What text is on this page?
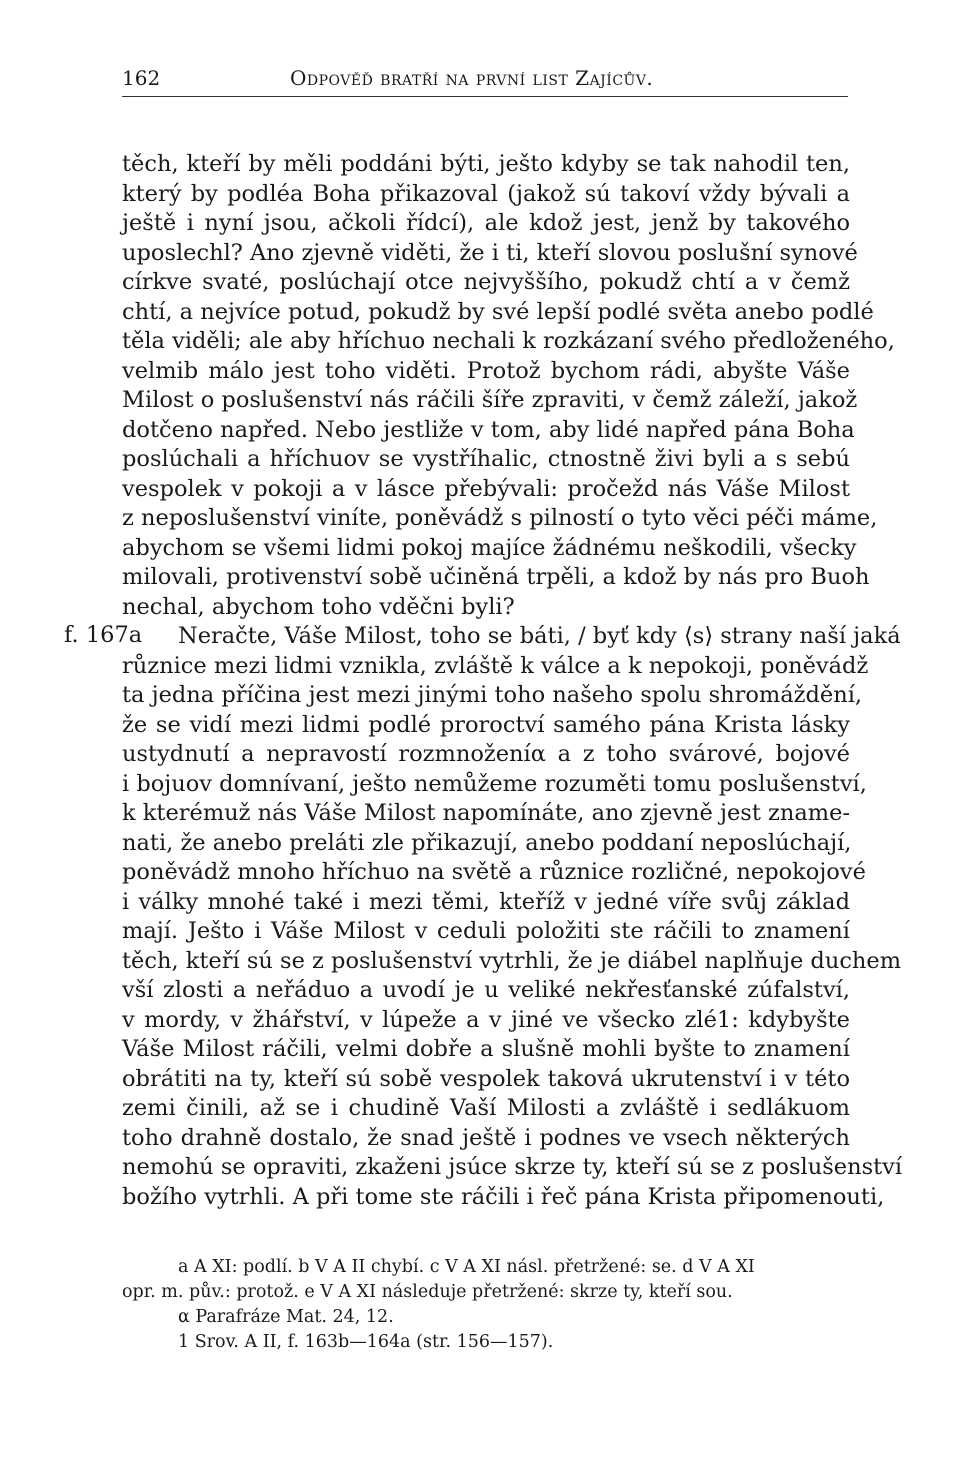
162	Odpověď bratří na první list Zajícův.
f. 167a
těch, kteří by měli poddáni býti, ješto kdyby se tak nahodil ten,
který by podléa Boha přikazoval (jakož sú takoví vždy bývali a
ještě i nyní jsou, ačkoli řídcí), ale kdož jest, jenž by takového
uposlechl? Ano zjevně viděti, že i ti, kteří slovou poslušní synové
církve svaté, poslúchají otce nejvyššího, pokudž chtí a v čemž
chtí, a nejvíce potud, pokudž by své lepší podlé světa anebo podlé
těla viděli; ale aby hříchuo nechali k rozkázaní svého předloženého,
velmib málo jest toho viděti. Protož bychom rádi, abyšte Váše
Milost o poslušenství nás ráčili šíře zpraviti, v čemž záleží, jakož
dotčeno napřed. Nebo jestliže v tom, aby lidé napřed pána Boha
poslúchali a hříchuov se vystříhalic, ctnostně živi byli a s sebú
vespolek v pokoji a v lásce přebývali: pročežd nás Váše Milost
z neposlušenství viníte, poněvádž s pilností o tyto věci péči máme,
abychom se všemi lidmi pokoj majíce žádnému neškodili, všecky
milovali, protivenství sobě učiněná trpěli, a kdož by nás pro Buoh
nechal, abychom toho vděčni byli?
Neračte, Váše Milost, toho se báti, / byť kdy ⟨s⟩ strany naší jaká
různice mezi lidmi vznikla, zvláště k válce a k nepokoji, poněvádž
ta jedna příčina jest mezi jinými toho našeho spolu shromáždění,
že se vidí mezi lidmi podlé proroctví samého pána Krista lásky
ustydnutí a nepravostí rozmnoženíα a z toho svárové, bojové
i bojuov domnívaní, ješto nemůžeme rozuměti tomu poslušenství,
k kterémuž nás Váše Milost napomínáte, ano zjevně jest zname-
nati, že anebo preláti zle přikazují, anebo poddaní neposlúchají,
poněvádž mnoho hříchuo na světě a různice rozličné, nepokojové
i války mnohé také i mezi těmi, kteříž v jedné víře svůj základ
mají. Ješto i Váše Milost v ceduli položiti ste ráčili to znamení
těch, kteří sú se z poslušenství vytrhli, že je diábel naplňuje duchem
vší zlosti a neřáduo a uvodí je u veliké nekřesťanské zúfalství,
v mordy, v žhářství, v lúpeže a v jiné ve všecko zlé1: kdybyšte
Váše Milost ráčili, velmi dobře a slušně mohli byšte to znamení
obrátiti na ty, kteří sú sobě vespolek taková ukrutenství i v této
zemi činili, až se i chudině Vaší Milosti a zvláště i sedlákuom
toho drahně dostalo, že snad ještě i podnes ve vsech některých
nemohú se opraviti, zkaženi jsúce skrze ty, kteří sú se z poslušenství
božího vytrhli. A při tome ste ráčili i řeč pána Krista připomenouti,
a A XI: podlí. b V A II chybí. c V A XI násl. přetržené: se. d V A XI
opr. m. pův.: protož. e V A XI následuje přetržené: skrze ty, kteří sou.
α Parafráze Mat. 24, 12.
1 Srov. A II, f. 163b—164a (str. 156—157).
